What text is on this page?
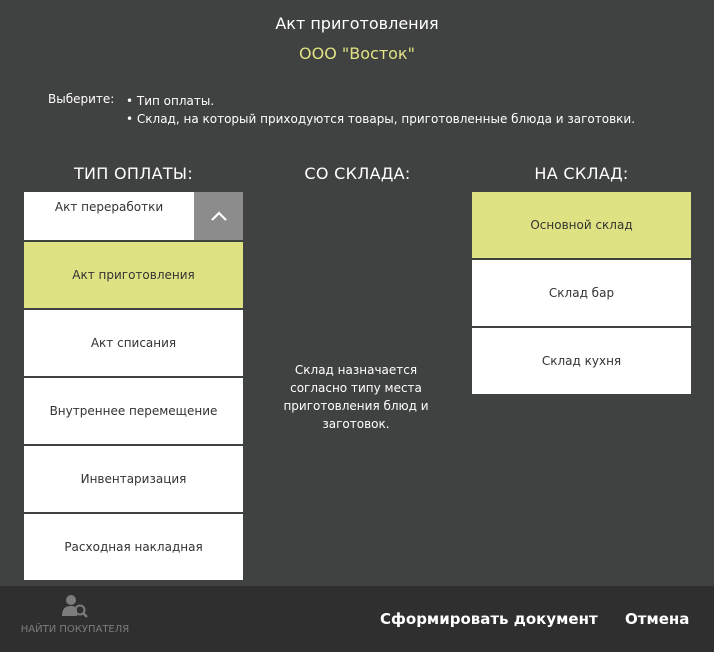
Акт приготовления
ООО "Восток"
Выберите: • Тип оплаты.
• Склад, на который приходуются товары, приготовленные блюда и заготовки.
ТИП ОПЛАТЫ:	СО СКЛАДА:	НА СКЛАД:
Акт переработки
Акт приготовления
Акт списания
Внутреннее перемещение
Инвентаризация
Расходная накладная
Склад назначается согласно типу места приготовления блюд и заготовок.
Основной склад
Склад бар
Склад кухня
НАЙТИ ПОКУПАТЕЛЯ
Сформировать документ Отмена
